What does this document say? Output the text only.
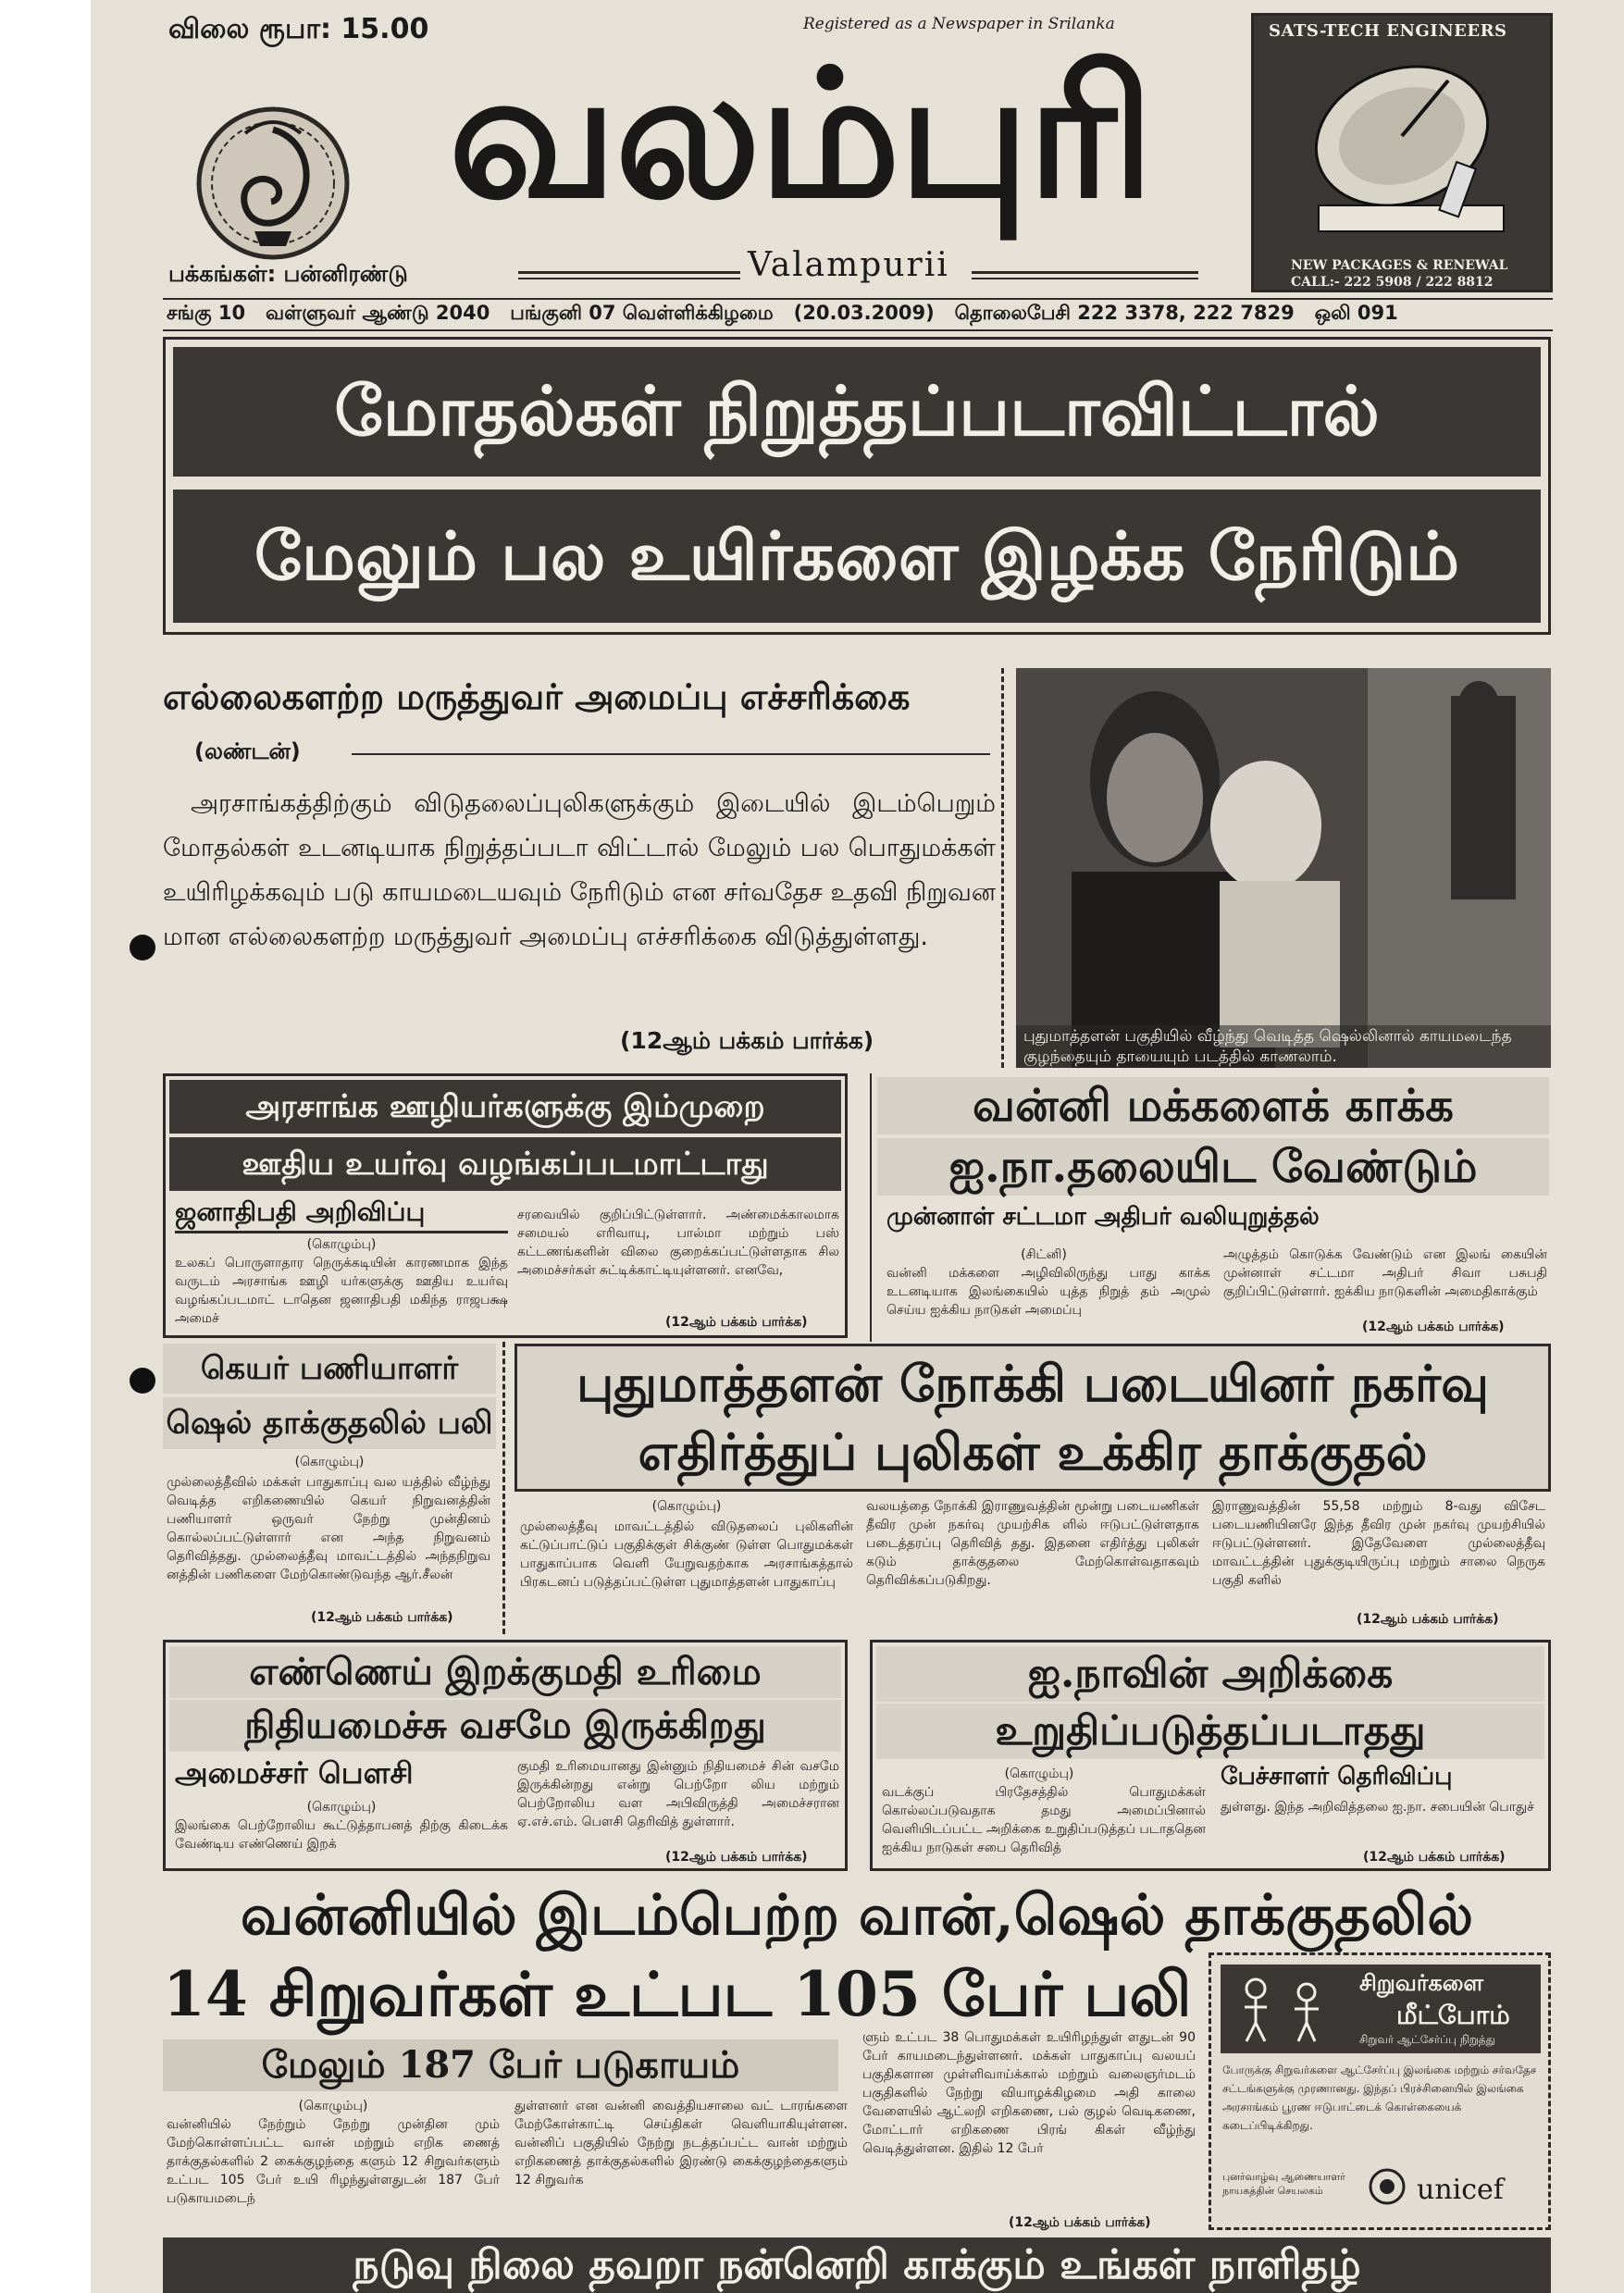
விலை ரூபா: 15.00	Registered as a Newspaper in Srilanka
வலம்புரி
பக்கங்கள்: பன்னிரண்டு	Valampurii
SATS-TECH ENGINEERS
NEW PACKAGES & RENEWAL
CALL:- 222 5908 / 222 8812
சங்கு 10   வள்ளுவர் ஆண்டு 2040   பங்குனி 07 வெள்ளிக்கிழமை   (20.03.2009)   தொலைபேசி 222 3378, 222 7829   ஒலி 091
மோதல்கள் நிறுத்தப்படாவிட்டால்
மேலும் பல உயிர்களை இழக்க நேரிடும்
எல்லைகளற்ற மருத்துவர் அமைப்பு எச்சரிக்கை
(லண்டன்)
அரசாங்கத்திற்கும் விடுதலைப்புலிகளுக்கும் இடையில் இடம்பெறும் மோதல்கள் உடனடியாக நிறுத்தப்படா விட்டால் மேலும் பல பொதுமக்கள் உயிரிழக்கவும் படு காயமடையவும் நேரிடும் என சர்வதேச உதவி நிறுவன மான எல்லைகளற்ற மருத்துவர் அமைப்பு எச்சரிக்கை விடுத்துள்ளது.
(12ஆம் பக்கம் பார்க்க)	புதுமாத்தளன் பகுதியில் வீழ்ந்து வெடித்த ஷெல்லினால் காயமடைந்த குழந்தையும் தாயையும் படத்தில் காணலாம்.
அரசாங்க ஊழியர்களுக்கு இம்முறை
ஊதிய உயர்வு வழங்கப்படமாட்டாது
ஜனாதிபதி அறிவிப்பு
(கொழும்பு)
உலகப் பொருளாதார நெருக்கடியின் காரணமாக இந்த வருடம் அரசாங்க ஊழி யர்களுக்கு ஊதிய உயர்வு வழங்கப்படமாட் டாதென ஜனாதிபதி மகிந்த ராஜபக்ஷ அமைச்
சரவையில் குறிப்பிட்டுள்ளார். அண்மைக்காலமாக சமையல் எரிவாயு, பால்மா மற்றும் பஸ் கட்டணங்களின் விலை குறைக்கப்பட்டுள்ளதாக சில அமைச்சர்கள் சுட்டிக்காட்டியுள்ளனர். எனவே,
(12ஆம் பக்கம் பார்க்க)
வன்னி மக்களைக் காக்க
ஐ.நா.தலையிட வேண்டும்
முன்னாள் சட்டமா அதிபர் வலியுறுத்தல்
(சிட்னி)
வன்னி மக்களை அழிவிலிருந்து பாது காக்க உடனடியாக இலங்கையில் யுத்த நிறுத் தம் அமுல் செய்ய ஐக்கிய நாடுகள் அமைப்பு
அழுத்தம் கொடுக்க வேண்டும் என இலங் கையின் முன்னாள் சட்டமா அதிபர் சிவா பசுபதி குறிப்பிட்டுள்ளார். ஐக்கிய நாடுகளின் அமைதிகாக்கும்
(12ஆம் பக்கம் பார்க்க)
கெயர் பணியாளர்
ஷெல் தாக்குதலில் பலி
(கொழும்பு)
முல்லைத்தீவில் மக்கள் பாதுகாப்பு வல யத்தில் வீழ்ந்து வெடித்த எறிகணையில் கெயர் நிறுவனத்தின் பணியாளர் ஒருவர் நேற்று முன்தினம் கொல்லப்பட்டுள்ளார் என அந்த நிறுவனம் தெரிவித்தது. முல்லைத்தீவு மாவட்டத்தில் அந்தநிறுவ னத்தின் பணிகளை மேற்கொண்டுவந்த ஆர்.சீலன்
(12ஆம் பக்கம் பார்க்க)
புதுமாத்தளன் நோக்கி படையினர் நகர்வு
எதிர்த்துப் புலிகள் உக்கிர தாக்குதல்
(கொழும்பு)
முல்லைத்தீவு மாவட்டத்தில் விடுதலைப் புலிகளின் கட்டுப்பாட்டுப் பகுதிக்குள் சிக்குண் டுள்ள பொதுமக்கள் பாதுகாப்பாக வெளி யேறுவதற்காக அரசாங்கத்தால் பிரகடனப் படுத்தப்பட்டுள்ள புதுமாத்தளன் பாதுகாப்பு
வலயத்தை நோக்கி இராணுவத்தின் மூன்று படையணிகள் தீவிர முன் நகர்வு முயற்சிக ளில் ஈடுபட்டுள்ளதாக படைத்தரப்பு தெரிவித் தது. இதனை எதிர்த்து புலிகள் கடும் தாக்குதலை மேற்கொள்வதாகவும் தெரிவிக்கப்படுகிறது.
இராணுவத்தின் 55,58 மற்றும் 8-வது விசேட படையணியினரே இந்த தீவிர முன் நகர்வு முயற்சியில் ஈடுபட்டுள்ளனர். இதேவேளை முல்லைத்தீவு மாவட்டத்தின் புதுக்குடியிருப்பு மற்றும் சாலை நெருக பகுதி களில்
(12ஆம் பக்கம் பார்க்க)
எண்ணெய் இறக்குமதி உரிமை
நிதியமைச்சு வசமே இருக்கிறது
அமைச்சர் பௌசி
(கொழும்பு)
இலங்கை பெற்றோலிய கூட்டுத்தாபனத் திற்கு கிடைக்க வேண்டிய எண்ணெய் இறக்
குமதி உரிமையானது இன்னும் நிதியமைச் சின் வசமே இருக்கின்றது என்று பெற்றோ லிய மற்றும் பெற்றோலிய வள அபிவிருத்தி அமைச்சரான ஏ.எச்.எம். பௌசி தெரிவித் துள்ளார்.
(12ஆம் பக்கம் பார்க்க)
ஐ.நாவின் அறிக்கை
உறுதிப்படுத்தப்படாதது
(கொழும்பு)
வடக்குப் பிரதேசத்தில் பொதுமக்கள் கொல்லப்படுவதாக தமது அமைப்பினால் வெளியிடப்பட்ட அறிக்கை உறுதிப்படுத்தப் படாததென ஐக்கிய நாடுகள் சபை தெரிவித்
பேச்சாளர் தெரிவிப்பு
துள்ளது. இந்த அறிவித்தலை ஐ.நா. சபையின் பொதுச்
(12ஆம் பக்கம் பார்க்க)
வன்னியில் இடம்பெற்ற வான்,ஷெல் தாக்குதலில்
14 சிறுவர்கள் உட்பட 105 பேர் பலி
மேலும் 187 பேர் படுகாயம்
(கொழும்பு)
வன்னியில் நேற்றும் நேற்று முன்தின மும் மேற்கொள்ளப்பட்ட வான் மற்றும் எறிக ணைத் தாக்குதல்களில் 2 கைக்குழந்தை களும் 12 சிறுவர்களும் உட்பட 105 பேர் உயி ரிழந்துள்ளதுடன் 187 பேர் படுகாயமடைந்
துள்ளனர் என வன்னி வைத்தியசாலை வட் டாரங்களை மேற்கோள்காட்டி செய்திகள் வெளியாகியுள்ளன. வன்னிப் பகுதியில் நேற்று நடத்தப்பட்ட வான் மற்றும் எறிகணைத் தாக்குதல்களில் இரண்டு கைக்குழந்தைகளும் 12 சிறுவர்க
ளும் உட்பட 38 பொதுமக்கள் உயிரிழந்துள் ளதுடன் 90 பேர் காயமடைந்துள்ளனர். மக்கள் பாதுகாப்பு வலயப் பகுதிகளான முள்ளிவாய்க்கால் மற்றும் வலைஞர்மடம் பகுதிகளில் நேற்று வியாழக்கிழமை அதி காலை வேளையில் ஆட்லறி எறிகணை, பல் குழல் வெடிகணை, மோட்டார் எறிகணை பிரங் கிகள் வீழ்ந்து வெடித்துள்ளன. இதில் 12 பேர்
(12ஆம் பக்கம் பார்க்க)
சிறுவர்களை
மீட்போம்
சிறுவர் ஆட்சேர்ப்பு நிறுத்து
போருக்கு சிறுவர்களை ஆட்சேர்ப்பு இலங்கை மற்றும் சர்வதேச சட்டங்களுக்கு முரணானது. இந்தப் பிரச்சினையில் இலங்கை அரசாங்கம் பூரண ஈடுபாட்டைக் கொள்கையைக் கடைப்பிடிக்கிறது.
புனர்வாழ்வு ஆணையாளர் நாயகத்தின் செயலகம்	unicef
நடுவு நிலை தவறா நன்னெறி காக்கும் உங்கள் நாளிதழ்
